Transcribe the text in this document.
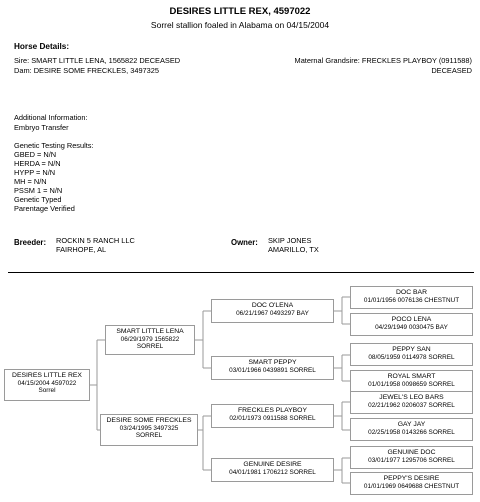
DESIRES LITTLE REX, 4597022
Sorrel stallion foaled in Alabama on 04/15/2004
Horse Details:
Sire: SMART LITTLE LENA, 1565822 DECEASED
Dam: DESIRE SOME FRECKLES, 3497325
Maternal Grandsire: FRECKLES PLAYBOY (0911588)
DECEASED
Additional Information:
Embryo Transfer
Genetic Testing Results:
GBED = N/N
HERDA = N/N
HYPP = N/N
MH = N/N
PSSM 1 = N/N
Genetic Typed
Parentage Verified
Breeder: ROCKIN 5 RANCH LLC
FAIRHOPE, AL
Owner: SKIP JONES
AMARILLO, TX
DESIRES LITTLE REX
04/15/2004 4597022
Sorrel
SMART LITTLE LENA
06/29/1979 1565822
SORREL
DESIRE SOME FRECKLES
03/24/1995 3497325
SORREL
DOC O'LENA
06/21/1967 0493297 BAY
SMART PEPPY
03/01/1966 0439891 SORREL
FRECKLES PLAYBOY
02/01/1973 0911588 SORREL
GENUINE DESIRE
04/01/1981 1706212 SORREL
DOC BAR
01/01/1956 0076136 CHESTNUT
POCO LENA
04/29/1949 0030475 BAY
PEPPY SAN
08/05/1959 0114978 SORREL
ROYAL SMART
01/01/1958 0098659 SORREL
JEWEL'S LEO BARS
02/21/1962 0206037 SORREL
GAY JAY
02/25/1958 0143266 SORREL
GENUINE DOC
03/01/1977 1295706 SORREL
PEPPY'S DESIRE
01/01/1969 0649688 CHESTNUT
